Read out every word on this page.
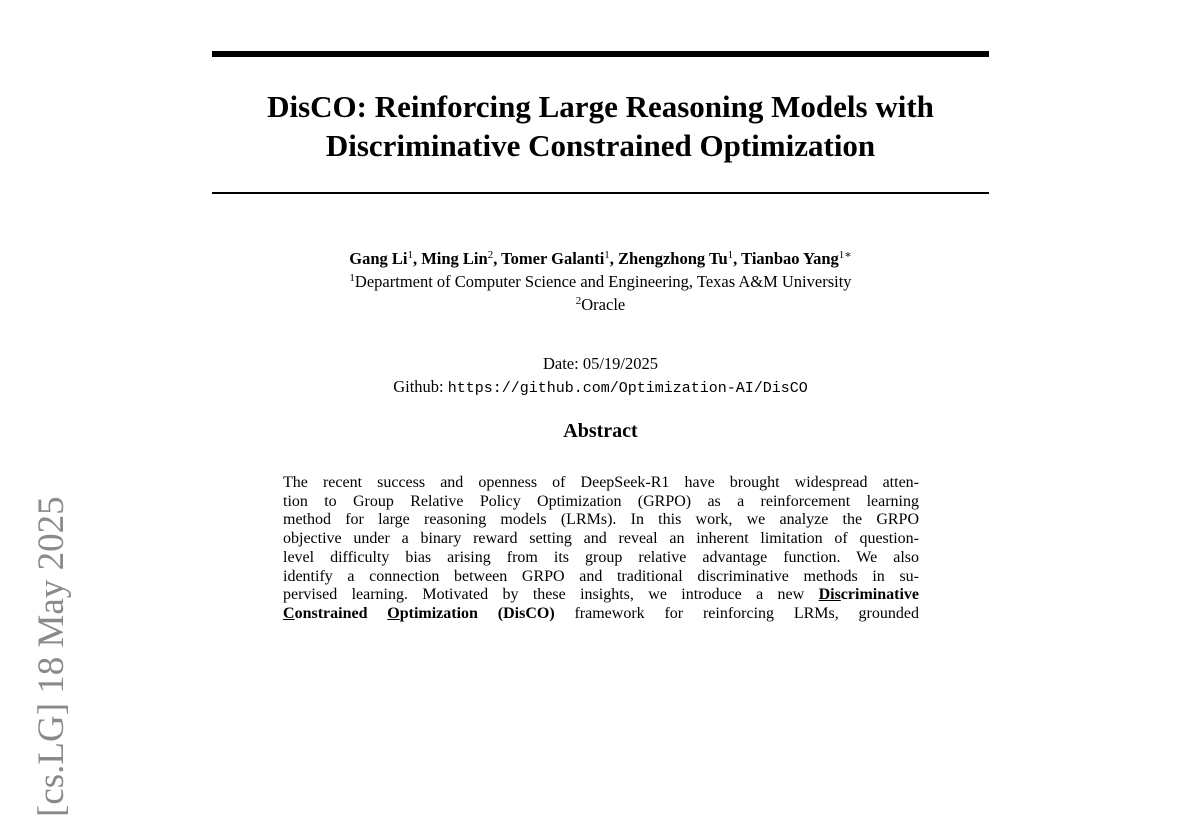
DisCO: Reinforcing Large Reasoning Models with
Discriminative Constrained Optimization
Gang Li$^1$, Ming Lin$^2$, Tomer Galanti$^1$, Zhengzhong Tu$^1$, Tianbao Yang$^{1∗}$
$^1$Department of Computer Science and Engineering, Texas A&M University
$^2$Oracle
Date: 05/19/2025
Github: https://github.com/Optimization-AI/DisCO
Abstract
The recent success and openness of DeepSeek-R1 have brought widespread atten-
tion to Group Relative Policy Optimization (GRPO) as a reinforcement learning
method for large reasoning models (LRMs). In this work, we analyze the GRPO
objective under a binary reward setting and reveal an inherent limitation of question-
level difficulty bias arising from its group relative advantage function. We also
identify a connection between GRPO and traditional discriminative methods in su-
pervised learning. Motivated by these insights, we introduce a new Discriminative
Constrained Optimization (DisCO) framework for reinforcing LRMs, grounded
[cs.LG] 18 May 2025
